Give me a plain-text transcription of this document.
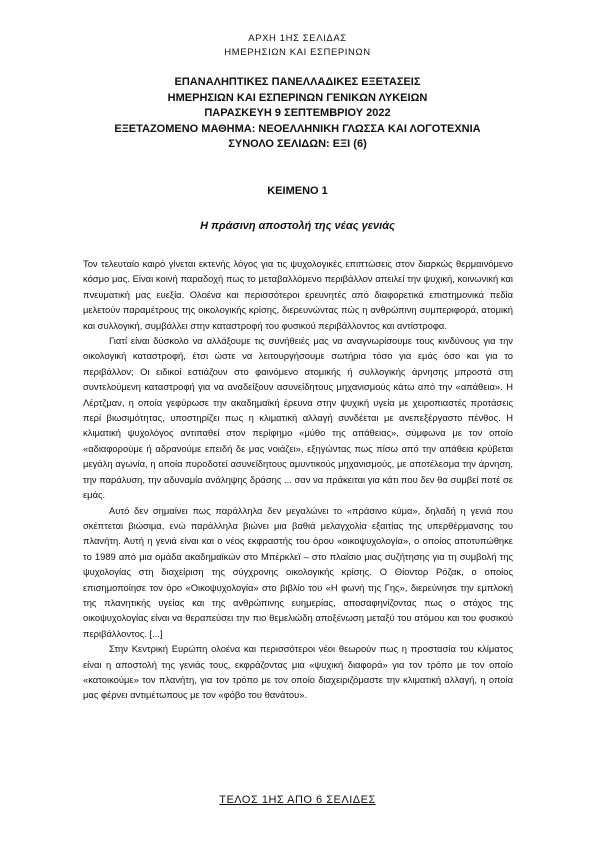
ΑΡΧΗ 1ΗΣ ΣΕΛΙΔΑΣ
ΗΜΕΡΗΣΙΩΝ ΚΑΙ ΕΣΠΕΡΙΝΩΝ
ΕΠΑΝΑΛΗΠΤΙΚΕΣ ΠΑΝΕΛΛΑΔΙΚΕΣ ΕΞΕΤΑΣΕΙΣ
ΗΜΕΡΗΣΙΩΝ ΚΑΙ ΕΣΠΕΡΙΝΩΝ ΓΕΝΙΚΩΝ ΛΥΚΕΙΩΝ
ΠΑΡΑΣΚΕΥΗ 9 ΣΕΠΤΕΜΒΡΙΟΥ 2022
ΕΞΕΤΑΖΟΜΕΝΟ ΜΑΘΗΜΑ: ΝΕΟΕΛΛΗΝΙΚΗ ΓΛΩΣΣΑ ΚΑΙ ΛΟΓΟΤΕΧΝΙΑ
ΣΥΝΟΛΟ ΣΕΛΙΔΩΝ: ΕΞΙ (6)
ΚΕΙΜΕΝΟ 1
Η πράσινη αποστολή της νέας γενιάς

Τον τελευταίο καιρό γίνεται εκτενής λόγος για τις ψυχολογικές επιπτώσεις στον διαρκώς θερμαινόμενο κόσμο μας. Είναι κοινή παραδοχή πως το μεταβαλλόμενο περιβάλλον απειλεί την ψυχική, κοινωνική και πνευματική μας ευεξία. Ολοένα και περισσότεροι ερευνητές από διαφορετικά επιστημονικά πεδία μελετούν παραμέτρους της οικολογικής κρίσης, διερευνώντας πώς η ανθρώπινη συμπεριφορά, ατομική και συλλογική, συμβάλλει στην καταστροφή του φυσικού περιβάλλοντος και αντίστροφα.

Γιατί είναι δύσκολο να αλλάξουμε τις συνήθειές μας να αναγνωρίσουμε τους κινδύνους για την οικολογική καταστροφή, έτσι ώστε να λειτουργήσουμε σωτήρια τόσο για εμάς όσο και για το περιβάλλον; Οι ειδικοί εστιάζουν στο φαινόμενο ατομικής ή συλλογικής άρνησης μπροστά στη συντελούμενη καταστροφή για να αναδείξουν ασυνείδητους μηχανισμούς κάτω από την «απάθεια». Η Λέρτζμαν, η οποία γεφύρωσε την ακαδημαϊκή έρευνα στην ψυχική υγεία με χειροπιαστές προτάσεις περί βιωσιμότητας, υποστηρίζει πως η κλιματική αλλαγή συνδέεται με ανεπεξέργαστο πένθος. Η κλιματική ψυχολόγος αντιπαθεί στον περίφημο «μύθο της απάθειας», σύμφωνα με τον οποίο «αδιαφορούμε ή αδρανούμε επειδή δε μας νοιάζει», εξηγώντας πως πίσω από την απάθεια κρύβεται μεγάλη αγωνία, η οποία πυροδοτεί ασυνείδητους αμυντικούς μηχανισμούς, με αποτέλεσμα την άρνηση, την παράλυση, την αδυναμία ανάληψης δράσης ... σαν να πράκειται για κάτι που δεν θα συμβεί ποτέ σε εμάς.

Αυτό δεν σημαίνει πως παράλληλα δεν μεγαλώνει το «πράσινο κύμα», δηλαδή η γενιά που σκέπτεται βιώσιμα, ενώ παράλληλα βιώνει μια βαθιά μελαγχολία εξαιτίας της υπερθέρμανσης του πλανήτη. Αυτή η γενιά είναι και ο νέος εκφραστής του όρου «οικοψυχολογία», ο οποίος αποτυπώθηκε το 1989 από μια ομάδα ακαδημαϊκών στο Μπέρκλεϊ – στο πλαίσιο μιας συζήτησης για τη συμβολή της ψυχολογίας στη διαχείριση της σύγχρονης οικολογικής κρίσης. Ο Θίοντορ Ρόζακ, ο οποίος επισημοποίησε τον όρο «Οικοψυχολογία» στο βιβλίο του «Η φωνή της Γης», διερεύνησε την εμπλοκή της πλανητικής υγείας και της ανθρώπινης ευημερίας, αποσαφηνίζοντας πως ο στόχος της οικοψυχολογίας είναι να θεραπεύσει την πιο θεμελιώδη αποξένωση μεταξύ του ατόμου και του φυσικού περιβάλλοντος. [...]

Στην Κεντρική Ευρώπη ολοένα και περισσότεροι νέοι θεωρούν πως η προστασία του κλίματος είναι η αποστολή της γενιάς τους, εκφράζοντας μια «ψυχική διαφορά» για τον τρόπο με τον οποίο «κατοικούμε» τον πλανήτη, για τον τρόπο με τον οποίο διαχειριζόμαστε την κλιματική αλλαγή, η οποία μας φέρνει αντιμέτωπους με τον «φόβο του θανάτου».

ΤΕΛΟΣ 1ΗΣ ΑΠΟ 6 ΣΕΛΙΔΕΣ
